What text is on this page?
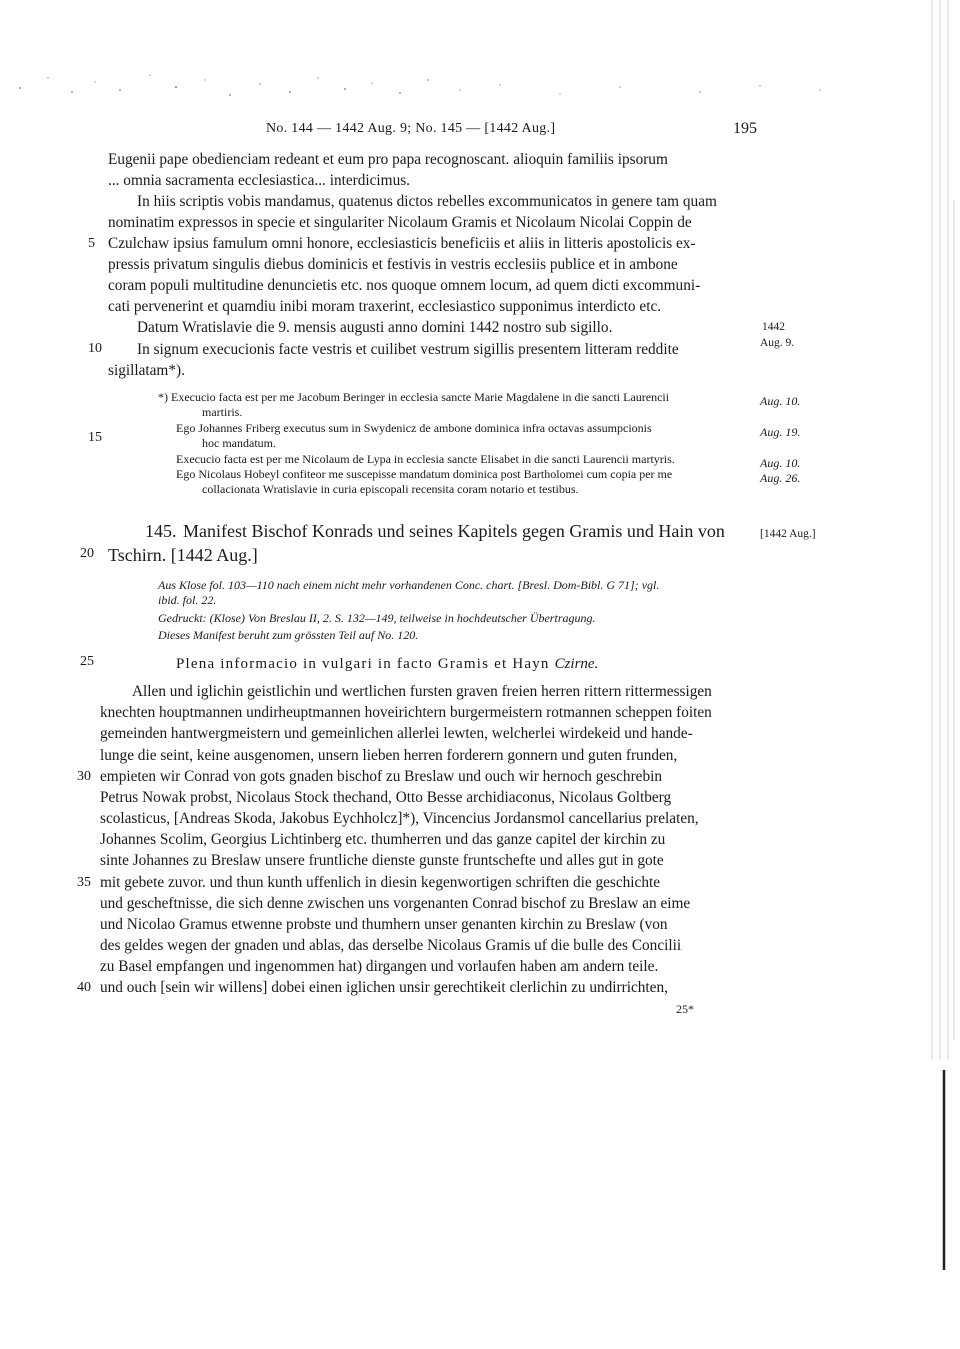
No. 144 — 1442 Aug. 9; No. 145 — [1442 Aug.]	195
Eugenii pape obedienciam redeant et eum pro papa recognoscant. alioquin familiis ipsorum
... omnia sacramenta ecclesiastica... interdicimus.
In hiis scriptis vobis mandamus, quatenus dictos rebelles excommunicatos in genere tam quam
nominatim expressos in specie et singulariter Nicolaum Gramis et Nicolaum Nicolai Coppin de
Czulchaw ipsius famulum omni honore, ecclesiasticis beneficiis et aliis in litteris apostolicis ex-
pressis privatum singulis diebus dominicis et festivis in vestris ecclesiis publice et in ambone
coram populi multitudine denuncietis etc. nos quoque omnem locum, ad quem dicti excommuni-
cati pervenerint et quamdiu inibi moram traxerint, ecclesiastico supponimus interdicto etc.
Datum Wratislavie die 9. mensis augusti anno domini 1442 nostro sub sigillo.
In signum execucionis facte vestris et cuilibet vestrum sigillis presentem litteram reddite
sigillatam*).
1442
Aug. 9.
*) Execucio facta est per me Jacobum Beringer in ecclesia sancte Marie Magdalene in die sancti Laurencii
martiris.
Ego Johannes Friberg executus sum in Swydenicz de ambone dominica infra octavas assumpcionis
hoc mandatum.
Execucio facta est per me Nicolaum de Lypa in ecclesia sancte Elisabet in die sancti Laurencii martyris.
Ego Nicolaus Hobeyl confiteor me suscepisse mandatum dominica post Bartholomei cum copia per me
collacionata Wratislavie in curia episcopali recensita coram notario et testibus.
Aug. 10.
Aug. 19.
Aug. 10.
Aug. 26.
145. Manifest Bischof Konrads und seines Kapitels gegen Gramis und Hain von	[1442 Aug.]
Tschirn. [1442 Aug.]
Aus Klose fol. 103—110 nach einem nicht mehr vorhandenen Conc. chart. [Bresl. Dom-Bibl. G 71]; vgl.
ibid. fol. 22.
Gedruckt: (Klose) Von Breslau II, 2. S. 132—149, teilweise in hochdeutscher Übertragung.
Dieses Manifest beruht zum grössten Teil auf No. 120.
Plena informacio in vulgari in facto Gramis et Hayn Czirne.
Allen und iglichin geistlichin und wertlichen fursten graven freien herren rittern rittermessigen
knechten houptmannen undirheuptmannen hoveirichtern burgermeistern rotmannen scheppen foiten
gemeinden hantwergmeistern und gemeinlichen allerlei lewten, welcherlei wirdekeid und hande-
lunge die seint, keine ausgenomen, unsern lieben herren forderern gonnern und guten frunden,
empieten wir Conrad von gots gnaden bischof zu Breslaw und ouch wir hernoch geschrebin
Petrus Nowak probst, Nicolaus Stock thechand, Otto Besse archidiaconus, Nicolaus Goltberg
scolasticus, [Andreas Skoda, Jakobus Eychholcz]*), Vincencius Jordansmol cancellarius prelaten,
Johannes Scolim, Georgius Lichtinberg etc. thumherren und das ganze capitel der kirchin zu
sinte Johannes zu Breslaw unsere fruntliche dienste gunste fruntschefte und alles gut in gote
mit gebete zuvor. und thun kunth uffenlich in diesin kegenwortigen schriften die geschichte
und gescheftnisse, die sich denne zwischen uns vorgenanten Conrad bischof zu Breslaw an eime
und Nicolao Gramus etwenne probste und thumhern unser genanten kirchin zu Breslaw (von
des geldes wegen der gnaden und ablas, das derselbe Nicolaus Gramis uf die bulle des Concilii
zu Basel empfangen und ingenommen hat) dirgangen und vorlaufen haben am andern teile.
und ouch [sein wir willens] dobei einen iglichen unsir gerechtikeit clerlichin zu undirrichten,
25*
5
10
15
20
25
30
35
40
